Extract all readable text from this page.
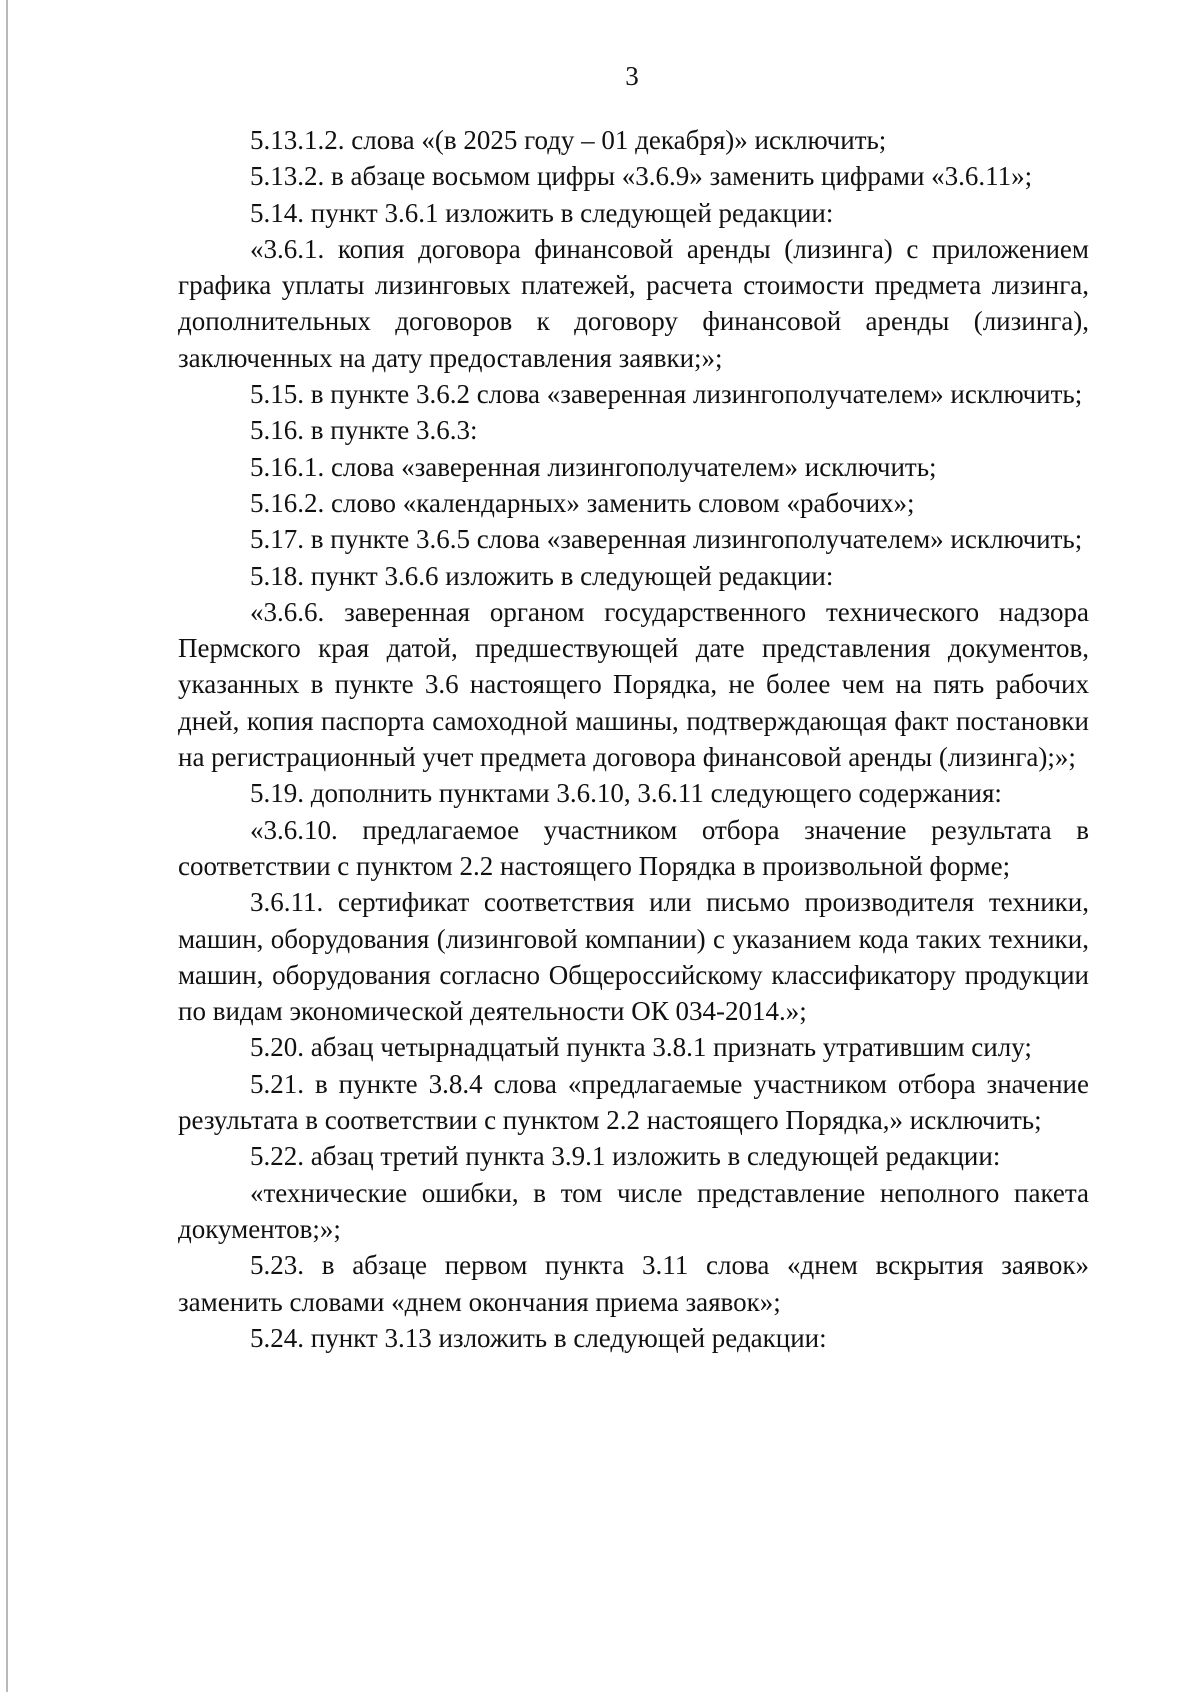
3

5.13.1.2. слова «(в 2025 году – 01 декабря)» исключить;

5.13.2. в абзаце восьмом цифры «3.6.9» заменить цифрами «3.6.11»;

5.14. пункт 3.6.1 изложить в следующей редакции:

«3.6.1. копия договора финансовой аренды (лизинга) с приложением графика уплаты лизинговых платежей, расчета стоимости предмета лизинга, дополнительных договоров к договору финансовой аренды (лизинга), заключенных на дату предоставления заявки;»;

5.15. в пункте 3.6.2 слова «заверенная лизингополучателем» исключить;

5.16. в пункте 3.6.3:

5.16.1. слова «заверенная лизингополучателем» исключить;

5.16.2. слово «календарных» заменить словом «рабочих»;

5.17. в пункте 3.6.5 слова «заверенная лизингополучателем» исключить;

5.18. пункт 3.6.6 изложить в следующей редакции:

«3.6.6. заверенная органом государственного технического надзора Пермского края датой, предшествующей дате представления документов, указанных в пункте 3.6 настоящего Порядка, не более чем на пять рабочих дней, копия паспорта самоходной машины, подтверждающая факт постановки на регистрационный учет предмета договора финансовой аренды (лизинга);»;

5.19. дополнить пунктами 3.6.10, 3.6.11 следующего содержания:

«3.6.10. предлагаемое участником отбора значение результата в соответствии с пунктом 2.2 настоящего Порядка в произвольной форме;

3.6.11. сертификат соответствия или письмо производителя техники, машин, оборудования (лизинговой компании) с указанием кода таких техники, машин, оборудования согласно Общероссийскому классификатору продукции по видам экономической деятельности ОК 034-2014.»;

5.20. абзац четырнадцатый пункта 3.8.1 признать утратившим силу;

5.21. в пункте 3.8.4 слова «предлагаемые участником отбора значение результата в соответствии с пунктом 2.2 настоящего Порядка,» исключить;

5.22. абзац третий пункта 3.9.1 изложить в следующей редакции:

«технические ошибки, в том числе представление неполного пакета документов;»;

5.23. в абзаце первом пункта 3.11 слова «днем вскрытия заявок» заменить словами «днем окончания приема заявок»;

5.24. пункт 3.13 изложить в следующей редакции:
